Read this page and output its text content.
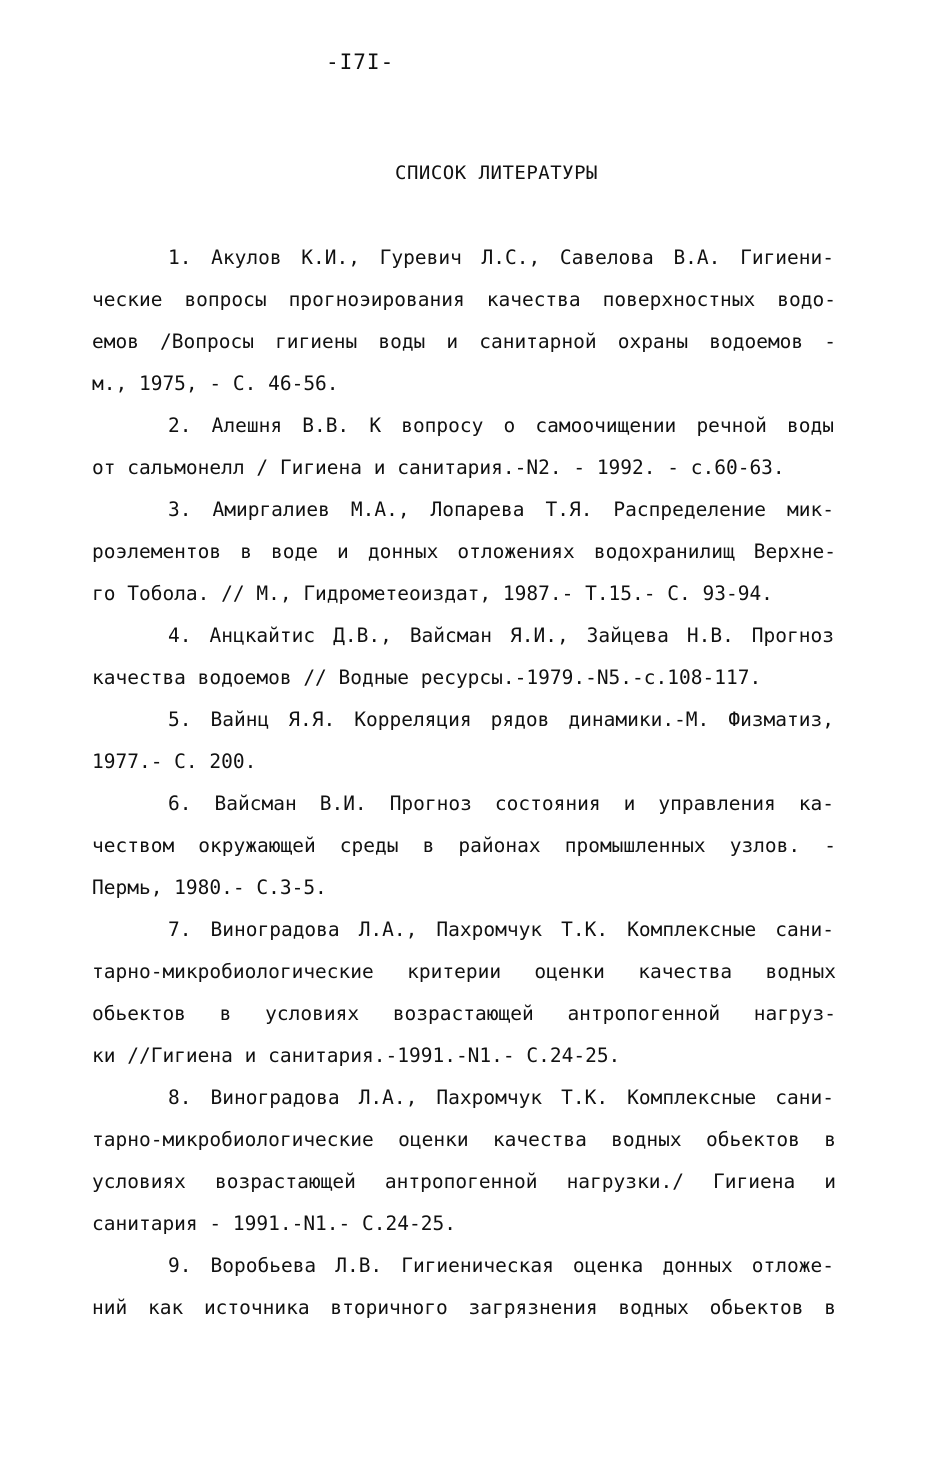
-I7I-
СПИСОК ЛИТЕРАТУРЫ
1. Акулов К.И., Гуревич Л.С., Савелова В.А. Гигиени-
ческие вопросы прогноэирования качества поверхностных водо-
емов /Вопросы гигиены воды и санитарной охраны водоемов -
м., 1975, - С. 46-56.
2. Алешня В.В. К вопросу о самоочищении речной воды
от сальмонелл / Гигиена и санитария.-N2. - 1992. - с.60-63.
3. Амиргалиев М.А., Лопарева Т.Я. Распределение мик-
роэлементов в воде и донных отложениях водохранилищ Верхне-
го Тобола. // М., Гидрометеоиздат, 1987.- Т.15.- С. 93-94.
4. Анцкайтис Д.В., Вайсман Я.И., Зайцева Н.В. Прогноз
качества водоемов // Водные ресурсы.-1979.-N5.-с.108-117.
5. Вайнц Я.Я. Корреляция рядов динамики.-М. Физматиз,
1977.- С. 200.
6. Вайсман В.И. Прогноз состояния и управления ка-
чеством окружающей среды в районах промышленных узлов. -
Пермь, 1980.- С.3-5.
7. Виноградова Л.А., Пахромчук Т.К. Комплексные сани-
тарно-микробиологические критерии оценки качества водных
обьектов в условиях возрастающей антропогенной нагруз-
ки //Гигиена и санитария.-1991.-N1.- С.24-25.
8. Виноградова Л.А., Пахромчук Т.К. Комплексные сани-
тарно-микробиологические оценки качества водных обьектов в
условиях возрастающей антропогенной нагрузки./ Гигиена и
санитария - 1991.-N1.- С.24-25.
9. Воробьева Л.В. Гигиеническая оценка донных отложе-
ний как источника вторичного загрязнения водных обьектов в
